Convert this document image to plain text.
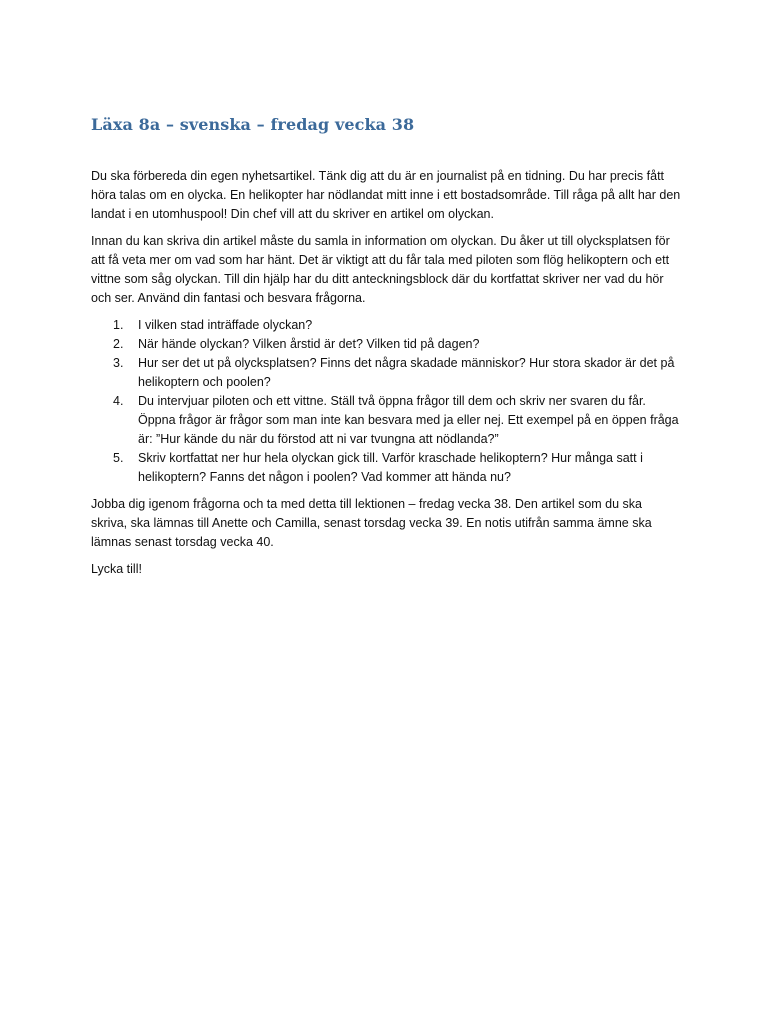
Läxa 8a – svenska – fredag vecka 38

Du ska förbereda din egen nyhetsartikel. Tänk dig att du är en journalist på en tidning. Du har precis fått höra talas om en olycka. En helikopter har nödlandat mitt inne i ett bostadsområde. Till råga på allt har den landat i en utomhuspool! Din chef vill att du skriver en artikel om olyckan.

Innan du kan skriva din artikel måste du samla in information om olyckan. Du åker ut till olycksplatsen för att få veta mer om vad som har hänt. Det är viktigt att du får tala med piloten som flög helikoptern och ett vittne som såg olyckan. Till din hjälp har du ditt anteckningsblock där du kortfattat skriver ner vad du hör och ser. Använd din fantasi och besvara frågorna.

1. I vilken stad inträffade olyckan?
2. När hände olyckan? Vilken årstid är det? Vilken tid på dagen?
3. Hur ser det ut på olycksplatsen? Finns det några skadade människor? Hur stora skador är det på helikoptern och poolen?
4. Du intervjuar piloten och ett vittne. Ställ två öppna frågor till dem och skriv ner svaren du får. Öppna frågor är frågor som man inte kan besvara med ja eller nej. Ett exempel på en öppen fråga är: ”Hur kände du när du förstod att ni var tvungna att nödlanda?”
5. Skriv kortfattat ner hur hela olyckan gick till. Varför kraschade helikoptern? Hur många satt i helikoptern? Fanns det någon i poolen? Vad kommer att hända nu?

Jobba dig igenom frågorna och ta med detta till lektionen – fredag vecka 38. Den artikel som du ska skriva, ska lämnas till Anette och Camilla, senast torsdag vecka 39. En notis utifrån samma ämne ska lämnas senast torsdag vecka 40.

Lycka till!
